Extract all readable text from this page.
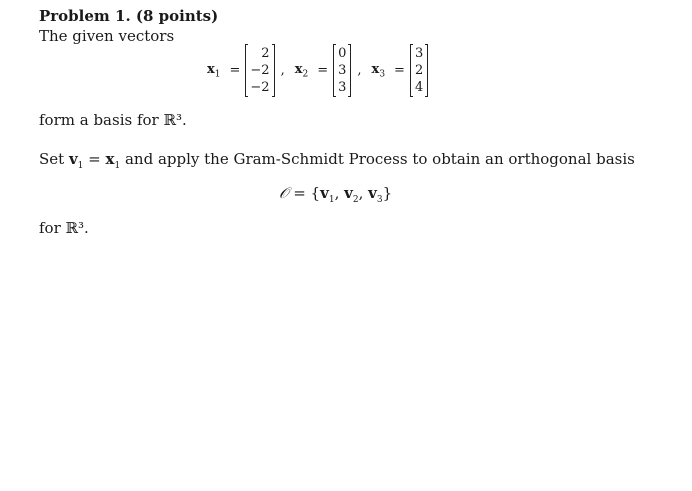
Problem 1. (8 points)
The given vectors
$x_1$ =
2
−2
−2
, $x_2$ =
0
3
3
, $x_3$ =
3
2
4
form a basis for ℝ³.
Set $v_1 = x_1$ and apply the Gram-Schmidt Process to obtain an orthogonal basis
𝒪 = {$v_1$, $v_2$, $v_3$}
for ℝ³.
